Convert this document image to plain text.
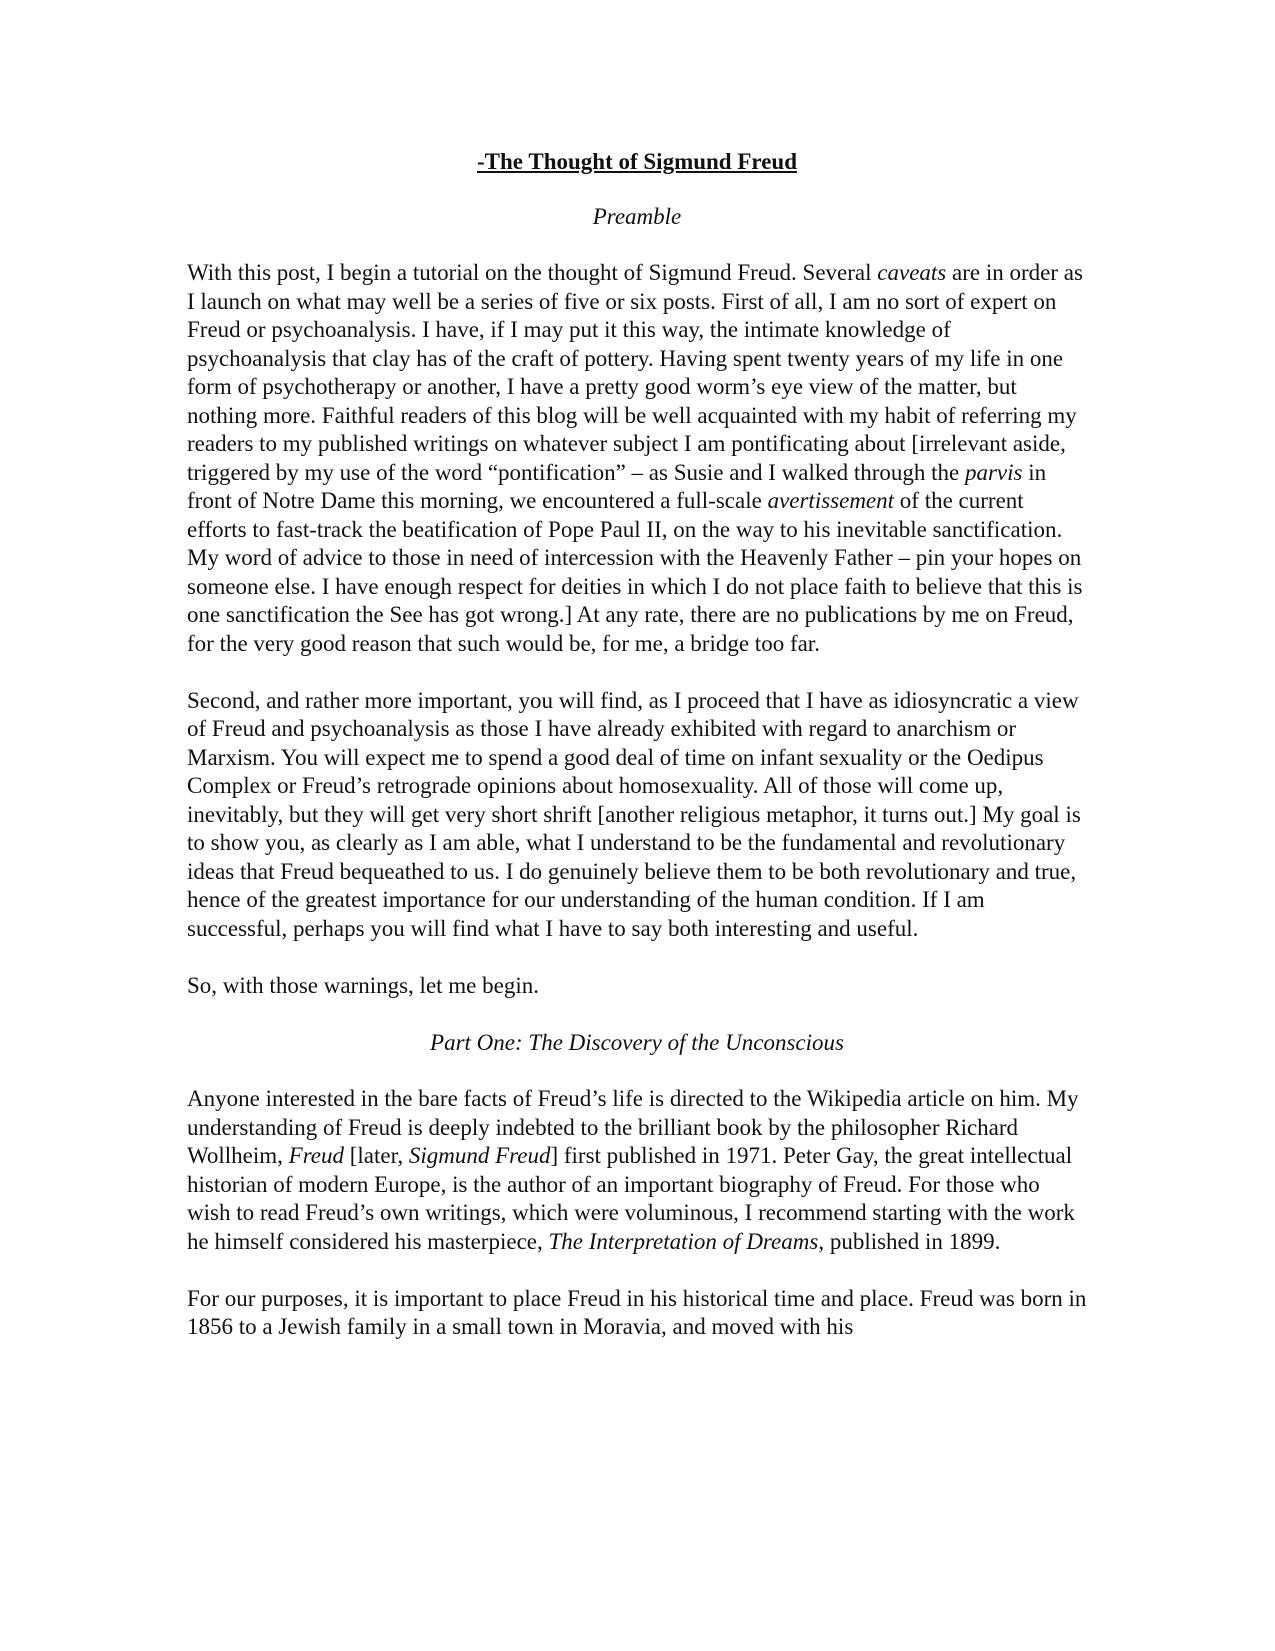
-The Thought of Sigmund Freud
Preamble

With this post, I begin a tutorial on the thought of Sigmund Freud. Several caveats are in order as I launch on what may well be a series of five or six posts. First of all, I am no sort of expert on Freud or psychoanalysis. I have, if I may put it this way, the intimate knowledge of psychoanalysis that clay has of the craft of pottery. Having spent twenty years of my life in one form of psychotherapy or another, I have a pretty good worm’s eye view of the matter, but nothing more. Faithful readers of this blog will be well acquainted with my habit of referring my readers to my published writings on whatever subject I am pontificating about [irrelevant aside, triggered by my use of the word “pontification” – as Susie and I walked through the parvis in front of Notre Dame this morning, we encountered a full-scale avertissement of the current efforts to fast-track the beatification of Pope Paul II, on the way to his inevitable sanctification. My word of advice to those in need of intercession with the Heavenly Father – pin your hopes on someone else. I have enough respect for deities in which I do not place faith to believe that this is one sanctification the See has got wrong.] At any rate, there are no publications by me on Freud, for the very good reason that such would be, for me, a bridge too far.

Second, and rather more important, you will find, as I proceed that I have as idiosyncratic a view of Freud and psychoanalysis as those I have already exhibited with regard to anarchism or Marxism. You will expect me to spend a good deal of time on infant sexuality or the Oedipus Complex or Freud’s retrograde opinions about homosexuality. All of those will come up, inevitably, but they will get very short shrift [another religious metaphor, it turns out.] My goal is to show you, as clearly as I am able, what I understand to be the fundamental and revolutionary ideas that Freud bequeathed to us. I do genuinely believe them to be both revolutionary and true, hence of the greatest importance for our understanding of the human condition. If I am successful, perhaps you will find what I have to say both interesting and useful.

So, with those warnings, let me begin.

Part One: The Discovery of the Unconscious

Anyone interested in the bare facts of Freud’s life is directed to the Wikipedia article on him. My understanding of Freud is deeply indebted to the brilliant book by the philosopher Richard Wollheim, Freud [later, Sigmund Freud] first published in 1971. Peter Gay, the great intellectual historian of modern Europe, is the author of an important biography of Freud. For those who wish to read Freud’s own writings, which were voluminous, I recommend starting with the work he himself considered his masterpiece, The Interpretation of Dreams, published in 1899.

For our purposes, it is important to place Freud in his historical time and place. Freud was born in 1856 to a Jewish family in a small town in Moravia, and moved with his
